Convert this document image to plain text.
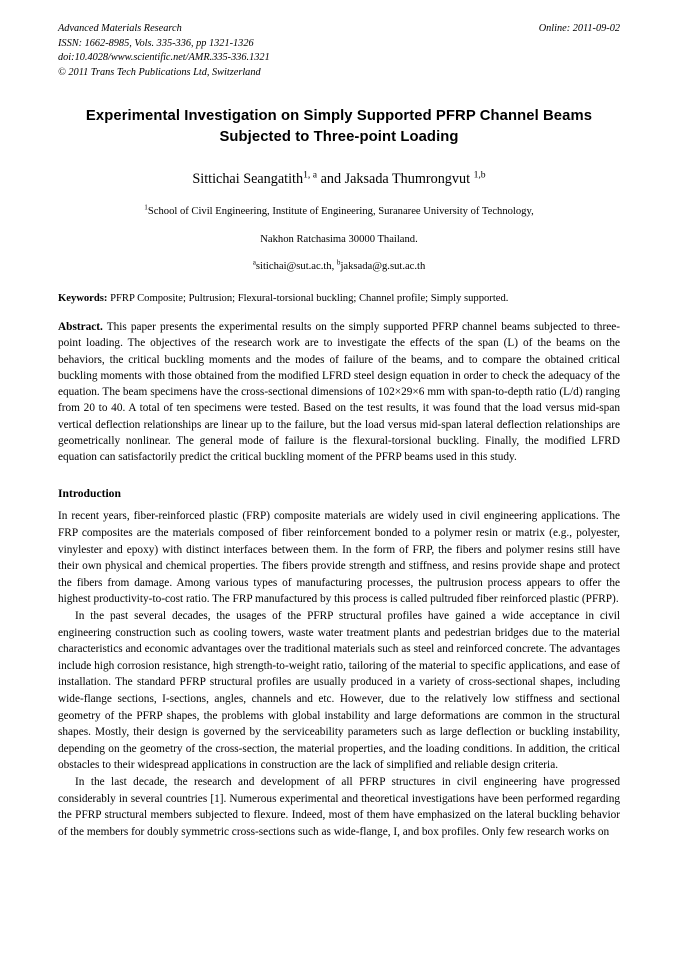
Advanced Materials Research
ISSN: 1662-8985, Vols. 335-336, pp 1321-1326
doi:10.4028/www.scientific.net/AMR.335-336.1321
© 2011 Trans Tech Publications Ltd, Switzerland
Online: 2011-09-02
Experimental Investigation on Simply Supported PFRP Channel Beams Subjected to Three-point Loading
Sittichai Seangatith$^{1, a}$ and Jaksada Thumrongvut $^{1,b}$
$^1$School of Civil Engineering, Institute of Engineering, Suranaree University of Technology,
Nakhon Ratchasima 30000 Thailand.
$^a$sitichai@sut.ac.th, $^b$jaksada@g.sut.ac.th
Keywords: PFRP Composite; Pultrusion; Flexural-torsional buckling; Channel profile; Simply supported.
Abstract. This paper presents the experimental results on the simply supported PFRP channel beams subjected to three-point loading. The objectives of the research work are to investigate the effects of the span (L) of the beams on the behaviors, the critical buckling moments and the modes of failure of the beams, and to compare the obtained critical buckling moments with those obtained from the modified LFRD steel design equation in order to check the adequacy of the equation. The beam specimens have the cross-sectional dimensions of 102×29×6 mm with span-to-depth ratio (L/d) ranging from 20 to 40. A total of ten specimens were tested. Based on the test results, it was found that the load versus mid-span vertical deflection relationships are linear up to the failure, but the load versus mid-span lateral deflection relationships are geometrically nonlinear. The general mode of failure is the flexural-torsional buckling. Finally, the modified LFRD equation can satisfactorily predict the critical buckling moment of the PFRP beams used in this study.
Introduction
In recent years, fiber-reinforced plastic (FRP) composite materials are widely used in civil engineering applications. The FRP composites are the materials composed of fiber reinforcement bonded to a polymer resin or matrix (e.g., polyester, vinylester and epoxy) with distinct interfaces between them. In the form of FRP, the fibers and polymer resins still have their own physical and chemical properties. The fibers provide strength and stiffness, and resins provide shape and protect the fibers from damage. Among various types of manufacturing processes, the pultrusion process appears to offer the highest productivity-to-cost ratio. The FRP manufactured by this process is called pultruded fiber reinforced plastic (PFRP).
In the past several decades, the usages of the PFRP structural profiles have gained a wide acceptance in civil engineering construction such as cooling towers, waste water treatment plants and pedestrian bridges due to the material characteristics and economic advantages over the traditional materials such as steel and reinforced concrete. The advantages include high corrosion resistance, high strength-to-weight ratio, tailoring of the material to specific applications, and ease of installation. The standard PFRP structural profiles are usually produced in a variety of cross-sectional shapes, including wide-flange sections, I-sections, angles, channels and etc. However, due to the relatively low stiffness and sectional geometry of the PFRP shapes, the problems with global instability and large deformations are common in the structural shapes. Mostly, their design is governed by the serviceability parameters such as large deflection or buckling instability, depending on the geometry of the cross-section, the material properties, and the loading conditions. In addition, the critical obstacles to their widespread applications in construction are the lack of simplified and reliable design criteria.
In the last decade, the research and development of all PFRP structures in civil engineering have progressed considerably in several countries [1]. Numerous experimental and theoretical investigations have been performed regarding the PFRP structural members subjected to flexure. Indeed, most of them have emphasized on the lateral buckling behavior of the members for doubly symmetric cross-sections such as wide-flange, I, and box profiles. Only few research works on
